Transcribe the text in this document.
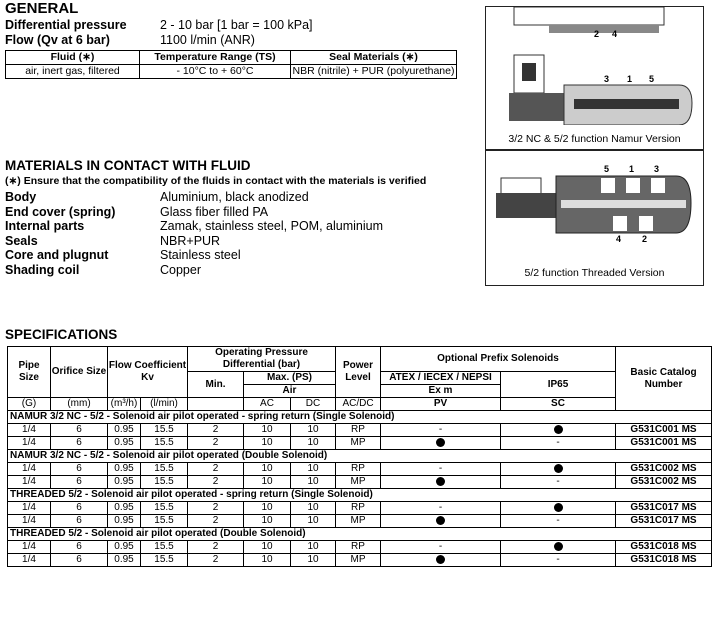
GENERAL
Differential pressure	2 - 10 bar [1 bar = 100 kPa]
Flow (Qv at 6 bar)	1100 l/min (ANR)
Fluid (∗)	Temperature Range (TS)	Seal Materials (∗)
air, inert gas, filtered	- 10°C to + 60°C	NBR (nitrile) + PUR (polyurethane)
MATERIALS IN CONTACT WITH FLUID
(∗) Ensure that the compatibility of the fluids in contact with the materials is verified
Body	Aluminium, black anodized
End cover (spring)	Glass fiber filled PA
Internal parts	Zamak, stainless steel, POM, aluminium
Seals	NBR+PUR
Core and plugnut	Stainless steel
Shading coil	Copper
2 4
3 1 5
3/2 NC & 5/2 function Namur Version
5 1 3
4 2
5/2 function Threaded Version
SPECIFICATIONS
Pipe Size	Orifice Size	Flow Coefficient Kv		Operating Pressure Differential (bar)			Power Level	Optional Prefix Solenoids		Basic Catalog Number
				Min.	Max. (PS)			ATEX / IECEX / NEPSI	IP65	
					Air			Ex m		
(G)	(mm)	(m³/h)	(l/min)		AC	DC	AC/DC	PV	SC	
NAMUR 3/2 NC - 5/2 - Solenoid air pilot operated - spring return (Single Solenoid)										
1/4	6	0.95	15.5	2	10	10	RP	-		G531C001 MS
1/4	6	0.95	15.5	2	10	10	MP		-	G531C001 MS
NAMUR 3/2 NC - 5/2 - Solenoid air pilot operated (Double Solenoid)										
1/4	6	0.95	15.5	2	10	10	RP	-		G531C002 MS
1/4	6	0.95	15.5	2	10	10	MP		-	G531C002 MS
THREADED 5/2 - Solenoid air pilot operated - spring return (Single Solenoid)										
1/4	6	0.95	15.5	2	10	10	RP	-		G531C017 MS
1/4	6	0.95	15.5	2	10	10	MP		-	G531C017 MS
THREADED 5/2 - Solenoid air pilot operated (Double Solenoid)										
1/4	6	0.95	15.5	2	10	10	RP	-		G531C018 MS
1/4	6	0.95	15.5	2	10	10	MP		-	G531C018 MS
